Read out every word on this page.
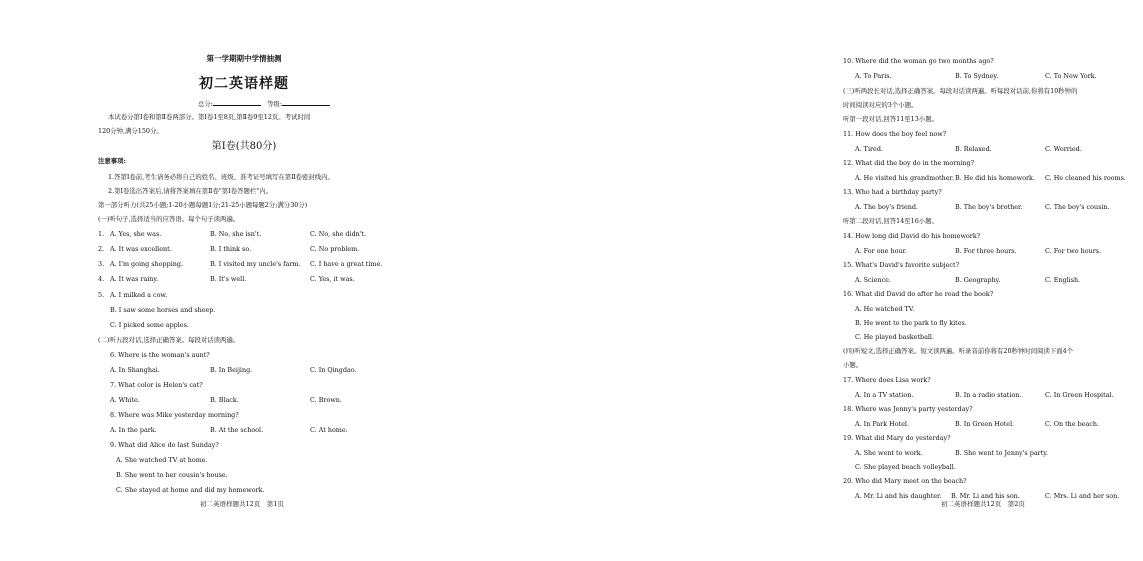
第一学期期中学情抽测
初二英语样题
总分:	等级:
本试卷分第Ⅰ卷和第Ⅱ卷两部分。第Ⅰ卷1至8页,第Ⅱ卷9至12页。考试时间
120分钟,满分150分。
第Ⅰ卷(共80分)
注意事项:
1.答第Ⅰ卷前,考生请务必将自己的姓名、班级、准考证号填写在第Ⅱ卷密封线内。
2.第Ⅰ卷选出答案后,请将答案填在第Ⅱ卷"第Ⅰ卷答题栏"内。
第一部分听力(共25小题;1-20小题每题1分;21-25小题每题2分;满分30分)
(一)听句子,选择适当的应答语。每个句子读两遍。
1. A. Yes, she was.	B. No, she isn't.	C. No, she didn't.
2. A. It was excellent.	B. I think so.	C. No problem.
3. A. I'm going shopping.	B. I visited my uncle's farm. C. I have a great time.
4. A. It was rainy.	B. It's well.	C. Yes, it was.
5. A. I milked a cow.
B. I saw some horses and sheep.
C. I picked some apples.
(二)听五段对话,选择正确答案。每段对话读两遍。
6. Where is the woman's aunt?
A. In Shanghai.	B. In Beijing.	C. In Qingdao.
7. What color is Helen's cat?
A. White.	B. Black.	C. Brown.
8. Where was Mike yesterday morning?
A. In the park.	B. At the school.	C. At home.
9. What did Alice do last Sunday?
A. She watched TV at home.
B. She went to her cousin's house.
C. She stayed at home and did my homework.
初二英语样题共12页　第1页
10. Where did the woman go two months ago?
A. To Paris.	B. To Sydney.	C. To New York.
(三)听两段长对话,选择正确答案。每段对话读两遍。听每段对话前,你将有10秒钟的
时间阅读对应的3个小题。
听第一段对话,回答11至13小题。
11. How does the boy feel now?
A. Tired.	B. Relaxed.	C. Worried.
12. What did the boy do in the morning?
A. He visited his grandmother. B. He did his homework. C. He cleaned his rooms.
13. Who had a birthday party?
A. The boy's friend.	B. The boy's brother.	C. The boy's cousin.
听第二段对话,回答14至16小题。
14. How long did David do his homework?
A. For one hour.	B. For three hours.	C. For two hours.
15. What's David's favorite subject?
A. Science.	B. Geography.	C. English.
16. What did David do after he read the book?
A. He watched TV.
B. He went to the park to fly kites.
C. He played basketball.
(四)听短文,选择正确答案。短文读两遍。听录音前你将有20秒钟时间阅读下面4个
小题。
17. Where does Lisa work?
A. In a TV station.	B. In a radio station.	C. In Green Hospital.
18. Where was Jenny's party yesterday?
A. In Park Hotel.	B. In Green Hotel.	C. On the beach.
19. What did Mary do yesterday?
A. She went to work.	B. She went to Jenny's party.
C. She played beach volleyball.
20. Who did Mary meet on the beach?
A. Mr. Li and his daughter. B. Mr. Li and his son.	C. Mrs. Li and her son.
初二英语样题共12页　第2页
